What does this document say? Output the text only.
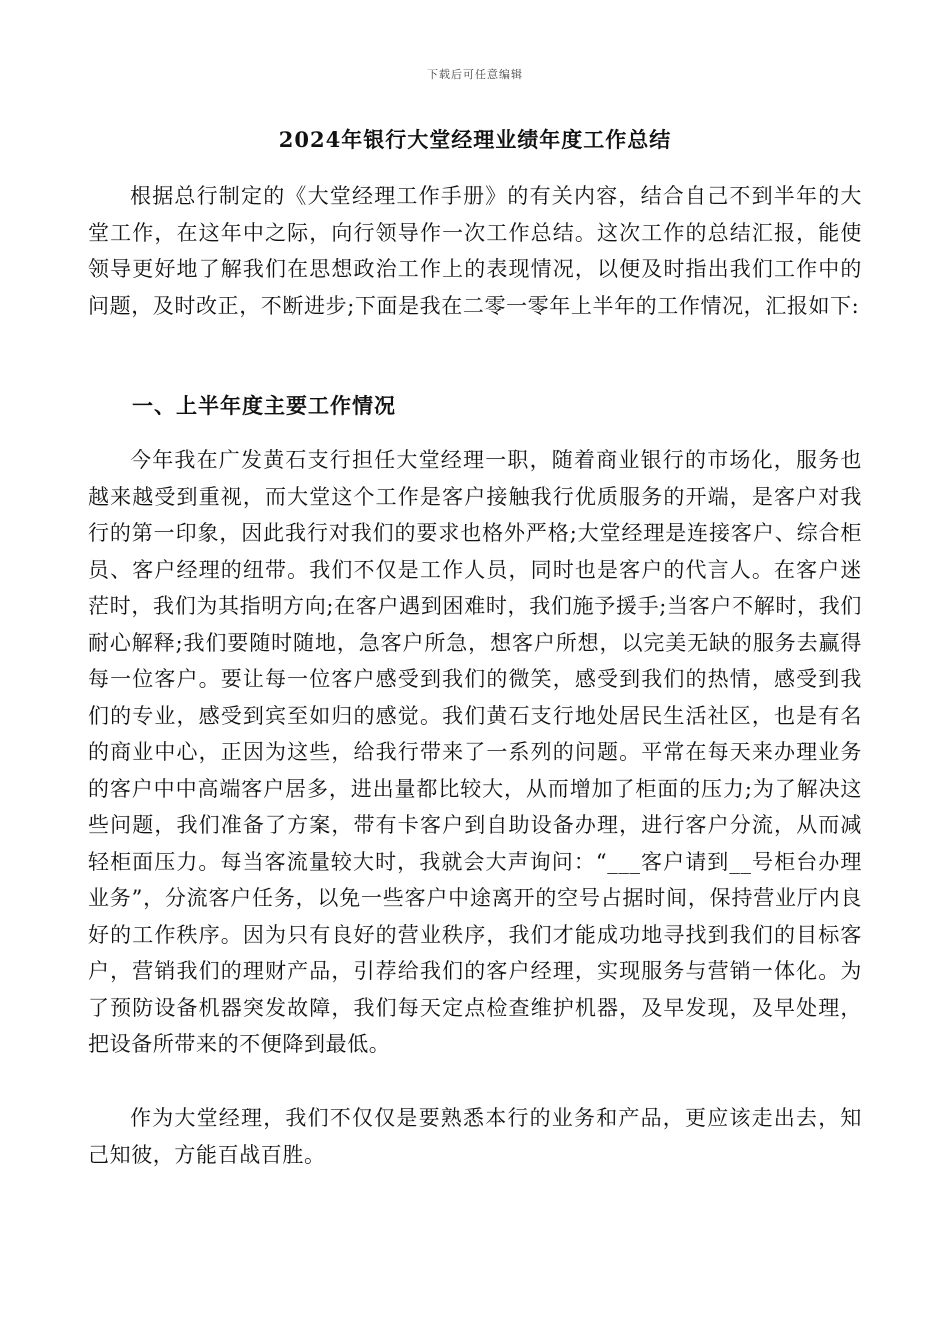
下载后可任意编辑
2024年银行大堂经理业绩年度工作总结

根据总行制定的《大堂经理工作手册》的有关内容，结合自己不到半年的大堂工作，在这年中之际，向行领导作一次工作总结。这次工作的总结汇报，能使领导更好地了解我们在思想政治工作上的表现情况，以便及时指出我们工作中的问题，及时改正，不断进步;下面是我在二零一零年上半年的工作情况，汇报如下:

一、上半年度主要工作情况

今年我在广发黄石支行担任大堂经理一职，随着商业银行的市场化，服务也越来越受到重视，而大堂这个工作是客户接触我行优质服务的开端，是客户对我行的第一印象，因此我行对我们的要求也格外严格;大堂经理是连接客户、综合柜员、客户经理的纽带。我们不仅是工作人员，同时也是客户的代言人。在客户迷茫时，我们为其指明方向;在客户遇到困难时，我们施予援手;当客户不解时，我们耐心解释;我们要随时随地，急客户所急，想客户所想，以完美无缺的服务去赢得每一位客户。要让每一位客户感受到我们的微笑，感受到我们的热情，感受到我们的专业，感受到宾至如归的感觉。我们黄石支行地处居民生活社区，也是有名的商业中心，正因为这些，给我行带来了一系列的问题。平常在每天来办理业务的客户中中高端客户居多，进出量都比较大，从而增加了柜面的压力;为了解决这些问题，我们准备了方案，带有卡客户到自助设备办理，进行客户分流，从而减轻柜面压力。每当客流量较大时，我就会大声询问：“___客户请到__号柜台办理业务”，分流客户任务，以免一些客户中途离开的空号占据时间，保持营业厅内良好的工作秩序。因为只有良好的营业秩序，我们才能成功地寻找到我们的目标客户，营销我们的理财产品，引荐给我们的客户经理，实现服务与营销一体化。为了预防设备机器突发故障，我们每天定点检查维护机器，及早发现，及早处理，把设备所带来的不便降到最低。

作为大堂经理，我们不仅仅是要熟悉本行的业务和产品，更应该走出去，知己知彼，方能百战百胜。
